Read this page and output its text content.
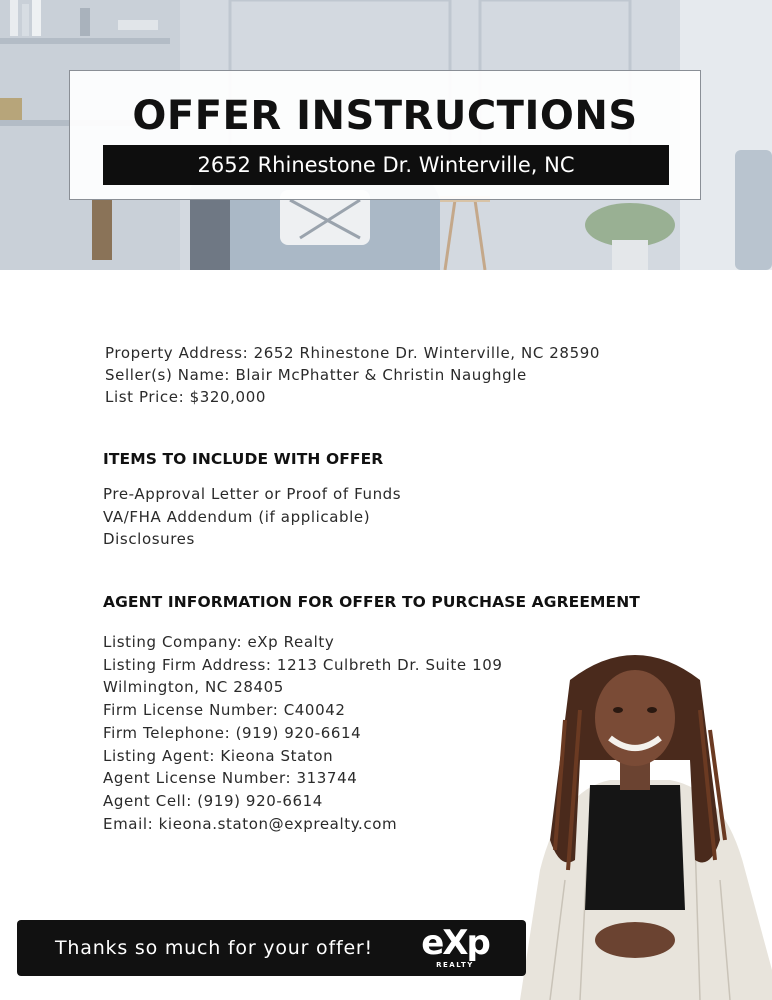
OFFER INSTRUCTIONS
2652 Rhinestone Dr. Winterville, NC
Property Address: 2652 Rhinestone Dr. Winterville, NC 28590
Seller(s) Name: Blair McPhatter & Christin Naughgle
List Price: $320,000
ITEMS TO INCLUDE WITH OFFER
Pre-Approval Letter or Proof of Funds
VA/FHA Addendum (if applicable)
Disclosures
AGENT INFORMATION FOR OFFER TO PURCHASE AGREEMENT
Listing Company: eXp Realty
Listing Firm Address: 1213 Culbreth Dr. Suite 109
Wilmington, NC 28405
Firm License Number: C40042
Firm Telephone: (919) 920-6614
Listing Agent: Kieona Staton
Agent License Number: 313744
Agent Cell: (919) 920-6614
Email: kieona.staton@exprealty.com
Thanks so much for your offer! eXp
REALTY
